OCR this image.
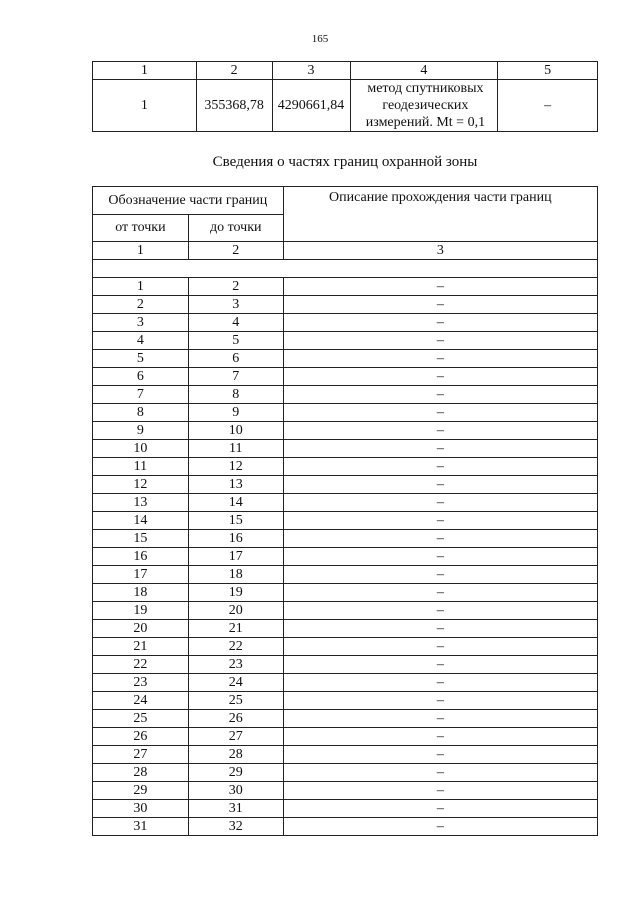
165
1	2	3	4	5
1	355368,78	4290661,84	метод спутниковых
геодезических
измерений. Mt = 0,1	–
Сведения о частях границ охранной зоны
Обозначение части границ		Описание прохождения части границ
от точки	до точки	
1	2	3

1	2	–
2	3	–
3	4	–
4	5	–
5	6	–
6	7	–
7	8	–
8	9	–
9	10	–
10	11	–
11	12	–
12	13	–
13	14	–
14	15	–
15	16	–
16	17	–
17	18	–
18	19	–
19	20	–
20	21	–
21	22	–
22	23	–
23	24	–
24	25	–
25	26	–
26	27	–
27	28	–
28	29	–
29	30	–
30	31	–
31	32	–
